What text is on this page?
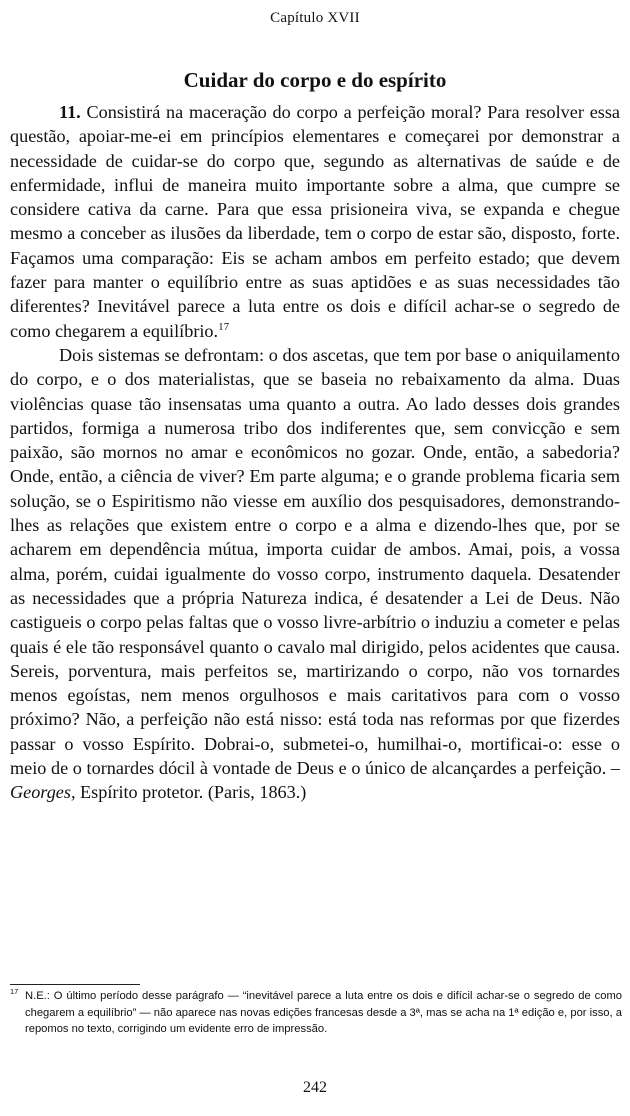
Capítulo XVII
Cuidar do corpo e do espírito

11. Consistirá na maceração do corpo a perfeição moral? Para resolver essa questão, apoiar-me-ei em princípios elementares e começarei por demonstrar a necessidade de cuidar-se do corpo que, segundo as alternativas de saúde e de enfermidade, influi de maneira muito importante sobre a alma, que cumpre se considere cativa da carne. Para que essa prisioneira viva, se expanda e chegue mesmo a conceber as ilusões da liberdade, tem o corpo de estar são, disposto, forte. Façamos uma comparação: Eis se acham ambos em perfeito estado; que devem fazer para manter o equilíbrio entre as suas aptidões e as suas necessidades tão diferentes? Inevitável parece a luta entre os dois e difícil achar-se o segredo de como chegarem a equilíbrio.$^{17}$

Dois sistemas se defrontam: o dos ascetas, que tem por base o aniquilamento do corpo, e o dos materialistas, que se baseia no rebaixamento da alma. Duas violências quase tão insensatas uma quanto a outra. Ao lado desses dois grandes partidos, formiga a numerosa tribo dos indiferentes que, sem convicção e sem paixão, são mornos no amar e econômicos no gozar. Onde, então, a sabedoria? Onde, então, a ciência de viver? Em parte alguma; e o grande problema ficaria sem solução, se o Espiritismo não viesse em auxílio dos pesquisadores, demonstrando-lhes as relações que existem entre o corpo e a alma e dizendo-lhes que, por se acharem em dependência mútua, importa cuidar de ambos. Amai, pois, a vossa alma, porém, cuidai igualmente do vosso corpo, instrumento daquela. Desatender as necessidades que a própria Natureza indica, é desatender a Lei de Deus. Não castigueis o corpo pelas faltas que o vosso livre-arbítrio o induziu a cometer e pelas quais é ele tão responsável quanto o cavalo mal dirigido, pelos acidentes que causa. Sereis, porventura, mais perfeitos se, martirizando o corpo, não vos tornardes menos egoístas, nem menos orgulhosos e mais caritativos para com o vosso próximo? Não, a perfeição não está nisso: está toda nas reformas por que fizerdes passar o vosso Espírito. Dobrai-o, submetei-o, humilhai-o, mortificai-o: esse o meio de o tornardes dócil à vontade de Deus e o único de alcançardes a perfeição. – Georges, Espírito protetor. (Paris, 1863.)

$^{17}$ N.E.: O último período desse parágrafo — “inevitável parece a luta entre os dois e difícil achar-se o segredo de como chegarem a equilíbrio” — não aparece nas novas edições francesas desde a 3ª, mas se acha na 1ª edição e, por isso, a repomos no texto, corrigindo um evidente erro de impressão.
242
